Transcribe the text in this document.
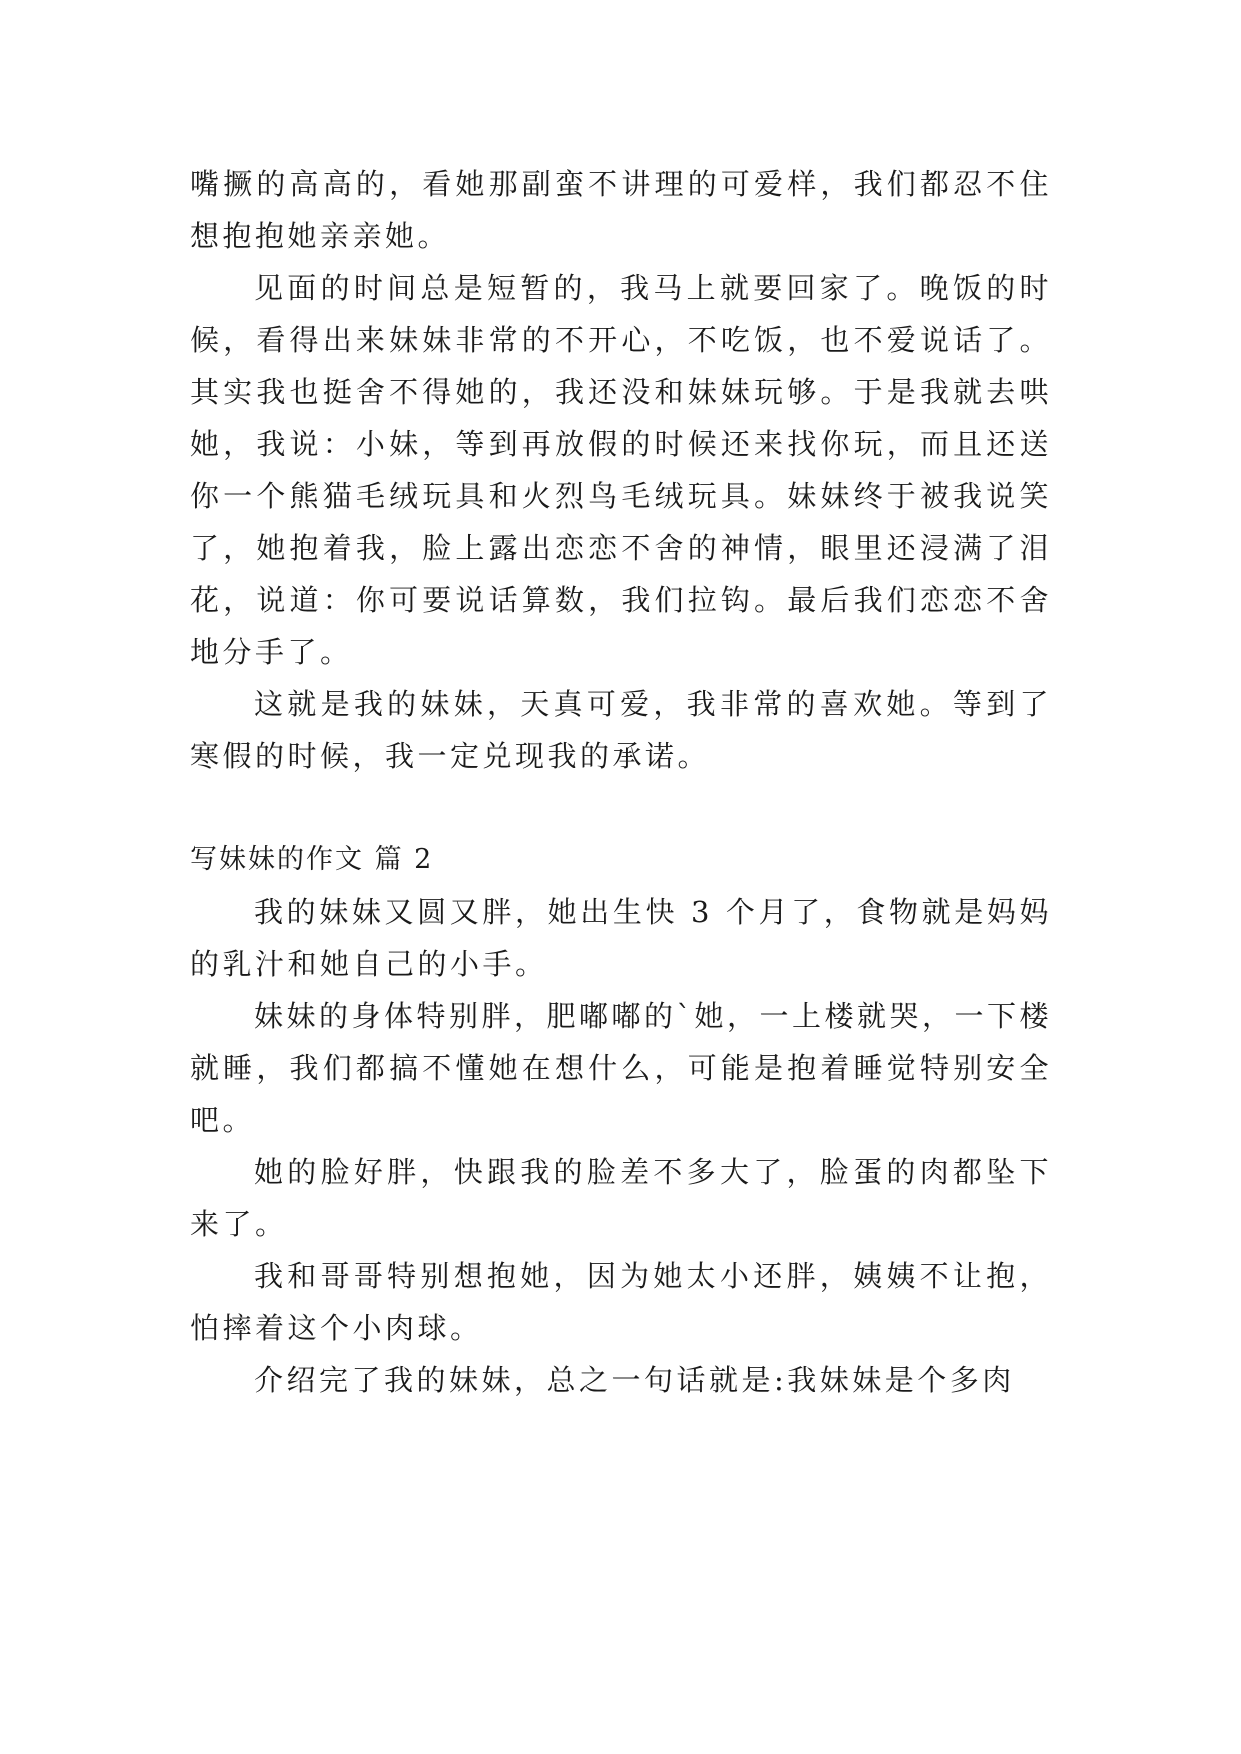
嘴撅的高高的，看她那副蛮不讲理的可爱样，我们都忍不住想抱抱她亲亲她。

见面的时间总是短暂的，我马上就要回家了。晚饭的时候，看得出来妹妹非常的不开心，不吃饭，也不爱说话了。其实我也挺舍不得她的，我还没和妹妹玩够。于是我就去哄她，我说：小妹，等到再放假的时候还来找你玩，而且还送你一个熊猫毛绒玩具和火烈鸟毛绒玩具。妹妹终于被我说笑了，她抱着我，脸上露出恋恋不舍的神情，眼里还浸满了泪花，说道：你可要说话算数，我们拉钩。最后我们恋恋不舍地分手了。

这就是我的妹妹，天真可爱，我非常的喜欢她。等到了寒假的时候，我一定兑现我的承诺。

写妹妹的作文 篇 2

我的妹妹又圆又胖，她出生快 3 个月了，食物就是妈妈的乳汁和她自己的小手。

妹妹的身体特别胖，肥嘟嘟的`她，一上楼就哭，一下楼就睡，我们都搞不懂她在想什么，可能是抱着睡觉特别安全吧。

她的脸好胖，快跟我的脸差不多大了，脸蛋的肉都坠下来了。

我和哥哥特别想抱她，因为她太小还胖，姨姨不让抱，怕摔着这个小肉球。

介绍完了我的妹妹，总之一句话就是:我妹妹是个多肉
